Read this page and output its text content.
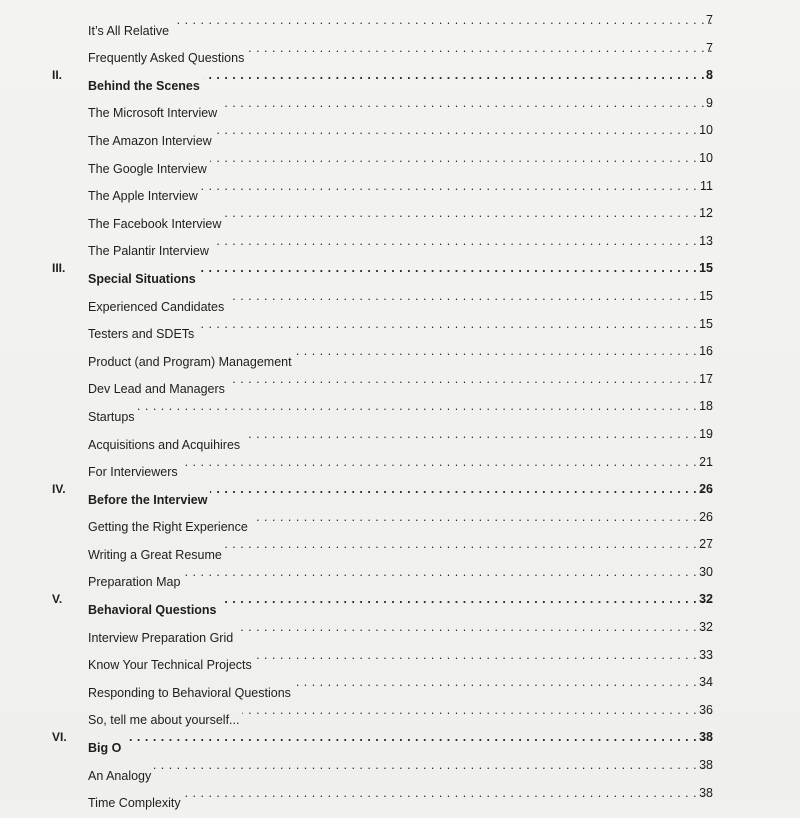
It’s All Relative
. . .
7
Frequently Asked Questions
. . .
7
II.
Behind the Scenes
. . .
8
The Microsoft Interview
. . .
9
The Amazon Interview
. . .
10
The Google Interview
. . .
10
The Apple Interview
. . .
11
The Facebook Interview
. . .
12
The Palantir Interview
. . .
13
III.
Special Situations
. . .
15
Experienced Candidates
. . .
15
Testers and SDETs
. . .
15
Product (and Program) Management
. . .
16
Dev Lead and Managers
. . .
17
Startups
. . .
18
Acquisitions and Acquihires
. . .
19
For Interviewers
. . .
21
IV.
Before the Interview
. . .
26
Getting the Right Experience
. . .
26
Writing a Great Resume
. . .
27
Preparation Map
. . .
30
V.
Behavioral Questions
. . .
32
Interview Preparation Grid
. . .
32
Know Your Technical Projects
. . .
33
Responding to Behavioral Questions
. . .
34
So, tell me about yourself...
. . .
36
VI.
Big O
. . .
38
An Analogy
. . .
38
Time Complexity
. . .
38
